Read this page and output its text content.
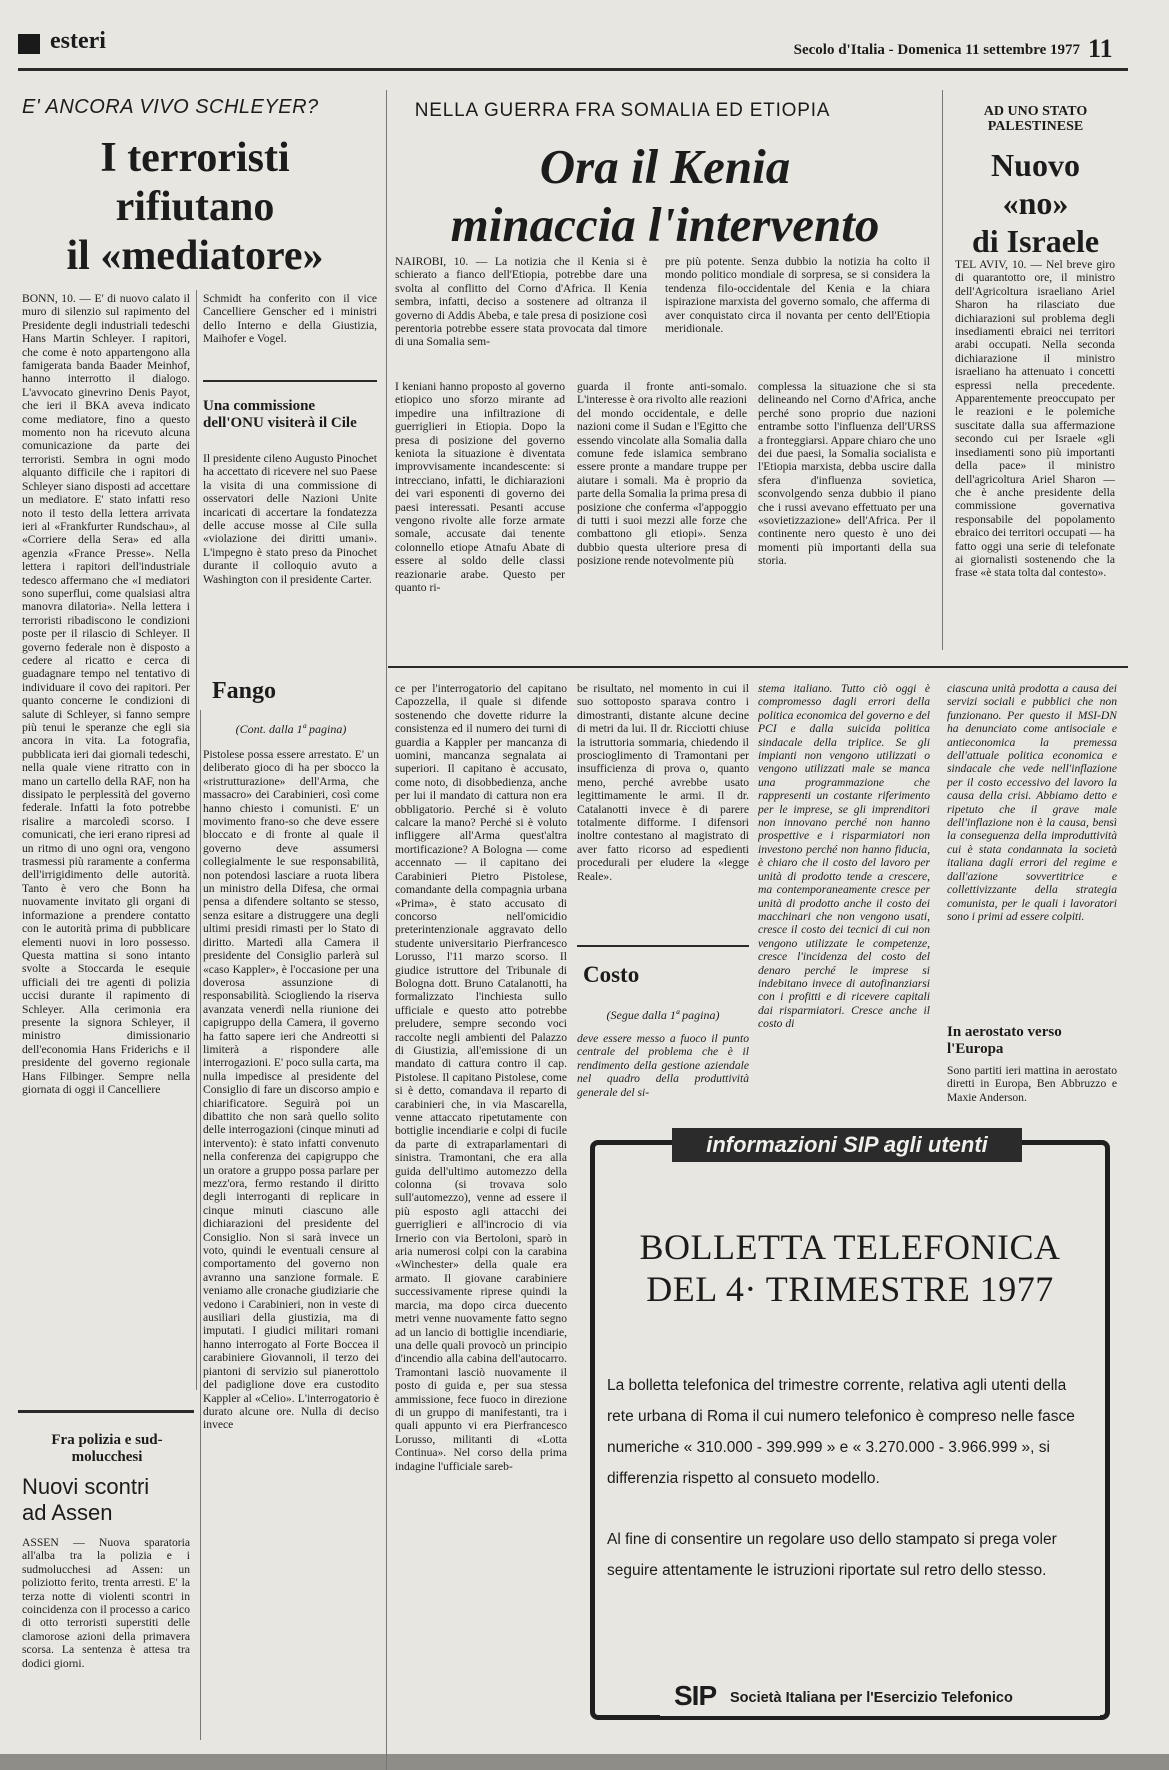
esteri	Secolo d'Italia - Domenica 11 settembre 1977 11
E' ANCORA VIVO SCHLEYER?
I terroristi
rifiutano
il «mediatore»
BONN, 10. — E' di nuovo calato il muro di silenzio sul rapimento del Presidente degli industriali tedeschi Hans Martin Schleyer. I rapitori, che come è noto appartengono alla famigerata banda Baader Meinhof, hanno interrotto il dialogo. L'avvocato ginevrino Denis Payot, che ieri il BKA aveva indicato come mediatore, fino a questo momento non ha ricevuto alcuna comunicazione da parte dei terroristi. Sembra in ogni modo alquanto difficile che i rapitori di Schleyer siano disposti ad accettare un mediatore. E' stato infatti reso noto il testo della lettera arrivata ieri al «Frankfurter Rundschau», al «Corriere della Sera» ed alla agenzia «France Presse». Nella lettera i rapitori dell'industriale tedesco affermano che «I mediatori sono superflui, come qualsiasi altra manovra dilatoria». Nella lettera i terroristi ribadiscono le condizioni poste per il rilascio di Schleyer. Il governo federale non è disposto a cedere al ricatto e cerca di guadagnare tempo nel tentativo di individuare il covo dei rapitori. Per quanto concerne le condizioni di salute di Schleyer, si fanno sempre più tenui le speranze che egli sia ancora in vita. La fotografia, pubblicata ieri dai giornali tedeschi, nella quale viene ritratto con in mano un cartello della RAF, non ha dissipato le perplessità del governo federale. Infatti la foto potrebbe risalire a marcoledì scorso. I comunicati, che ieri erano ripresi ad un ritmo di uno ogni ora, vengono trasmessi più raramente a conferma dell'irrigidimento delle autorità. Tanto è vero che Bonn ha nuovamente invitato gli organi di informazione a prendere contatto con le autorità prima di pubblicare elementi nuovi in loro possesso. Questa mattina si sono intanto svolte a Stoccarda le esequie ufficiali dei tre agenti di polizia uccisi durante il rapimento di Schleyer. Alla cerimonia era presente la signora Schleyer, il ministro dimissionario dell'economia Hans Friderichs e il presidente del governo regionale Hans Filbinger. Sempre nella giornata di oggi il Cancelliere
Schmidt ha conferito con il vice Cancelliere Genscher ed i ministri dello Interno e della Giustizia, Maihofer e Vogel.
Una commissione dell'ONU visiterà il Cile
Il presidente cileno Augusto Pinochet ha accettato di ricevere nel suo Paese la visita di una commissione di osservatori delle Nazioni Unite incaricati di accertare la fondatezza delle accuse mosse al Cile sulla «violazione dei diritti umani». L'impegno è stato preso da Pinochet durante il colloquio avuto a Washington con il presidente Carter.
NELLA GUERRA FRA SOMALIA ED ETIOPIA
Ora il Kenia
minaccia l'intervento
NAIROBI, 10. — La notizia che il Kenia si è schierato a fianco dell'Etiopia, potrebbe dare una svolta al conflitto del Corno d'Africa. Il Kenia sembra, infatti, deciso a sostenere ad oltranza il governo di Addis Abeba, e tale presa di posizione così perentoria potrebbe essere stata provocata dal timore di una Somalia sem-
pre più potente. Senza dubbio la notizia ha colto il mondo politico mondiale di sorpresa, se si considera la tendenza filo-occidentale del Kenia e la chiara ispirazione marxista del governo somalo, che afferma di aver conquistato circa il novanta per cento dell'Etiopia meridionale.
I keniani hanno proposto al governo etiopico uno sforzo mirante ad impedire una infiltrazione di guerriglieri in Etiopia. Dopo la presa di posizione del governo keniota la situazione è diventata improvvisamente incandescente: si intrecciano, infatti, le dichiarazioni dei vari esponenti di governo dei paesi interessati. Pesanti accuse vengono rivolte alle forze armate somale, accusate dai tenente colonnello etiope Atnafu Abate di essere al soldo delle classi reazionarie arabe. Questo per quanto ri-
guarda il fronte anti-somalo. L'interesse è ora rivolto alle reazioni del mondo occidentale, e delle nazioni come il Sudan e l'Egitto che essendo vincolate alla Somalia dalla comune fede islamica sembrano essere pronte a mandare truppe per aiutare i somali. Ma è proprio da parte della Somalia la prima presa di posizione che conferma «l'appoggio di tutti i suoi mezzi alle forze che combattono gli etiopi». Senza dubbio questa ulteriore presa di posizione rende notevolmente più
complessa la situazione che si sta delineando nel Corno d'Africa, anche perché sono proprio due nazioni entrambe sotto l'influenza dell'URSS a fronteggiarsi. Appare chiaro che uno dei due paesi, la Somalia socialista e l'Etiopia marxista, debba uscire dalla sfera d'influenza sovietica, sconvolgendo senza dubbio il piano che i russi avevano effettuato per una «sovietizzazione» dell'Africa. Per il continente nero questo è uno dei momenti più importanti della sua storia.
AD UNO STATO PALESTINESE
Nuovo
«no»
di Israele
TEL AVIV, 10. — Nel breve giro di quarantotto ore, il ministro dell'Agricoltura israeliano Ariel Sharon ha rilasciato due dichiarazioni sul problema degli insediamenti ebraici nei territori arabi occupati. Nella seconda dichiarazione il ministro israeliano ha attenuato i concetti espressi nella precedente. Apparentemente preoccupato per le reazioni e le polemiche suscitate dalla sua affermazione secondo cui per Israele «gli insediamenti sono più importanti della pace» il ministro dell'agricoltura Ariel Sharon — che è anche presidente della commissione governativa responsabile del popolamento ebraico dei territori occupati — ha fatto oggi una serie di telefonate ai giornalisti sostenendo che la frase «è stata tolta dal contesto».
Fango
(Cont. dalla 1ª pagina)
Pistolese possa essere arrestato. E' un deliberato gioco di ha per sbocco la «ristrutturazione» dell'Arma, che massacro» dei Carabinieri, così come hanno chiesto i comunisti. E' un movimento frano-so che deve essere bloccato e di fronte al quale il governo deve assumersi collegialmente le sue responsabilità, non potendosi lasciare a ruota libera un ministro della Difesa, che ormai pensa a difendere soltanto se stesso, senza esitare a distruggere una degli ultimi presidi rimasti per lo Stato di diritto. Martedì alla Camera il presidente del Consiglio parlerà sul «caso Kappler», è l'occasione per una doverosa assunzione di responsabilità. Sciogliendo la riserva avanzata venerdì nella riunione dei capigruppo della Camera, il governo ha fatto sapere ieri che Andreotti si limiterà a rispondere alle interrogazioni. E' poco sulla carta, ma nulla impedisce al presidente del Consiglio di fare un discorso ampio e chiarificatore. Seguirà poi un dibattito che non sarà quello solito delle interrogazioni (cinque minuti ad intervento): è stato infatti convenuto nella conferenza dei capigruppo che un oratore a gruppo possa parlare per mezz'ora, fermo restando il diritto degli interroganti di replicare in cinque minuti ciascuno alle dichiarazioni del presidente del Consiglio. Non si sarà invece un voto, quindi le eventuali censure al comportamento del governo non avranno una sanzione formale. E veniamo alle cronache giudiziarie che vedono i Carabinieri, non in veste di ausiliari della giustizia, ma di imputati. I giudici militari romani hanno interrogato al Forte Boccea il carabiniere Giovannoli, il terzo dei piantoni di servizio sul pianerottolo del padiglione dove era custodito Kappler al «Celio». L'interrogatorio è durato alcune ore. Nulla di deciso invece
ce per l'interrogatorio del capitano Capozzella, il quale si difende sostenendo che dovette ridurre la consistenza ed il numero dei turni di guardia a Kappler per mancanza di uomini, mancanza segnalata ai superiori. Il capitano è accusato, come noto, di disobbedienza, anche per lui il mandato di cattura non era obbligatorio. Perché si è voluto calcare la mano? Perché si è voluto infliggere all'Arma quest'altra mortificazione? A Bologna — come accennato — il capitano dei Carabinieri Pietro Pistolese, comandante della compagnia urbana «Prima», è stato accusato di concorso nell'omicidio preterintenzionale aggravato dello studente universitario Pierfrancesco Lorusso, l'11 marzo scorso. Il giudice istruttore del Tribunale di Bologna dott. Bruno Catalanotti, ha formalizzato l'inchiesta sullo ufficiale e questo atto potrebbe preludere, sempre secondo voci raccolte negli ambienti del Palazzo di Giustizia, all'emissione di un mandato di cattura contro il cap. Pistolese. Il capitano Pistolese, come si è detto, comandava il reparto di carabinieri che, in via Mascarella, venne attaccato ripetutamente con bottiglie incendiarie e colpi di fucile da parte di extraparlamentari di sinistra. Tramontani, che era alla guida dell'ultimo automezzo della colonna (si trovava solo sull'automezzo), venne ad essere il più esposto agli attacchi dei guerriglieri e all'incrocio di via Irnerio con via Bertoloni, sparò in aria numerosi colpi con la carabina «Winchester» della quale era armato. Il giovane carabiniere successivamente riprese quindi la marcia, ma dopo circa duecento metri venne nuovamente fatto segno ad un lancio di bottiglie incendiarie, una delle quali provocò un principio d'incendio alla cabina dell'autocarro. Tramontani lasciò nuovamente il posto di guida e, per sua stessa ammissione, fece fuoco in direzione di un gruppo di manifestanti, tra i quali appunto vi era Pierfrancesco Lorusso, militanti di «Lotta Continua». Nel corso della prima indagine l'ufficiale sareb-
be risultato, nel momento in cui il suo sottoposto sparava contro i dimostranti, distante alcune decine di metri da lui. Il dr. Ricciotti chiuse la istruttoria sommaria, chiedendo il proscioglimento di Tramontani per insufficienza di prova o, quanto meno, perché avrebbe usato legittimamente le armi. Il dr. Catalanotti invece è di parere totalmente difforme. I difensori inoltre contestano al magistrato di aver fatto ricorso ad espedienti procedurali per eludere la «legge Reale».
Costo
(Segue dalla 1ª pagina)
deve essere messo a fuoco il punto centrale del problema che è il rendimento della gestione aziendale nel quadro della produttività generale del si-
stema italiano. Tutto ciò oggi è compromesso dagli errori della politica economica del governo e del PCI e dalla suicida politica sindacale della triplice. Se gli impianti non vengono utilizzati o vengono utilizzati male se manca una programmazione che rappresenti un costante riferimento per le imprese, se gli imprenditori non innovano perché non hanno prospettive e i risparmiatori non investono perché non hanno fiducia, è chiaro che il costo del lavoro per unità di prodotto tende a crescere, ma contemporaneamente cresce per unità di prodotto anche il costo dei macchinari che non vengono usati, cresce il costo dei tecnici di cui non vengono utilizzate le competenze, cresce l'incidenza del costo del denaro perché le imprese si indebitano invece di autofinanziarsi con i profitti e di ricevere capitali dai risparmiatori. Cresce anche il costo di
ciascuna unità prodotta a causa dei servizi sociali e pubblici che non funzionano. Per questo il MSI-DN ha denunciato come antisociale e antieconomica la premessa dell'attuale politica economica e sindacale che vede nell'inflazione per il costo eccessivo del lavoro la causa della crisi. Abbiamo detto e ripetuto che il grave male dell'inflazione non è la causa, bensì la conseguenza della improduttività cui è stata condannata la società italiana dagli errori del regime e dall'azione sovvertitrice e collettivizzante della strategia comunista, per le quali i lavoratori sono i primi ad essere colpiti.
In aerostato verso l'Europa
Sono partiti ieri mattina in aerostato diretti in Europa, Ben Abbruzzo e Maxie Anderson.
Fra polizia e sud-molucchesi
Nuovi scontri
ad Assen
ASSEN — Nuova sparatoria all'alba tra la polizia e i sudmolucchesi ad Assen: un poliziotto ferito, trenta arresti. E' la terza notte di violenti scontri in coincidenza con il processo a carico di otto terroristi superstiti delle clamorose azioni della primavera scorsa. La sentenza è attesa tra dodici giorni.
informazioni SIP agli utenti
BOLLETTA TELEFONICA
DEL 4· TRIMESTRE 1977
La bolletta telefonica del trimestre corrente, relativa agli utenti della rete urbana di Roma il cui numero telefonico è compreso nelle fasce numeriche « 310.000 - 399.999 » e « 3.270.000 - 3.966.999 », si differenzia rispetto al consueto modello.
Al fine di consentire un regolare uso dello stampato si prega voler seguire attentamente le istruzioni riportate sul retro dello stesso.
SIP Società Italiana per l'Esercizio Telefonico
